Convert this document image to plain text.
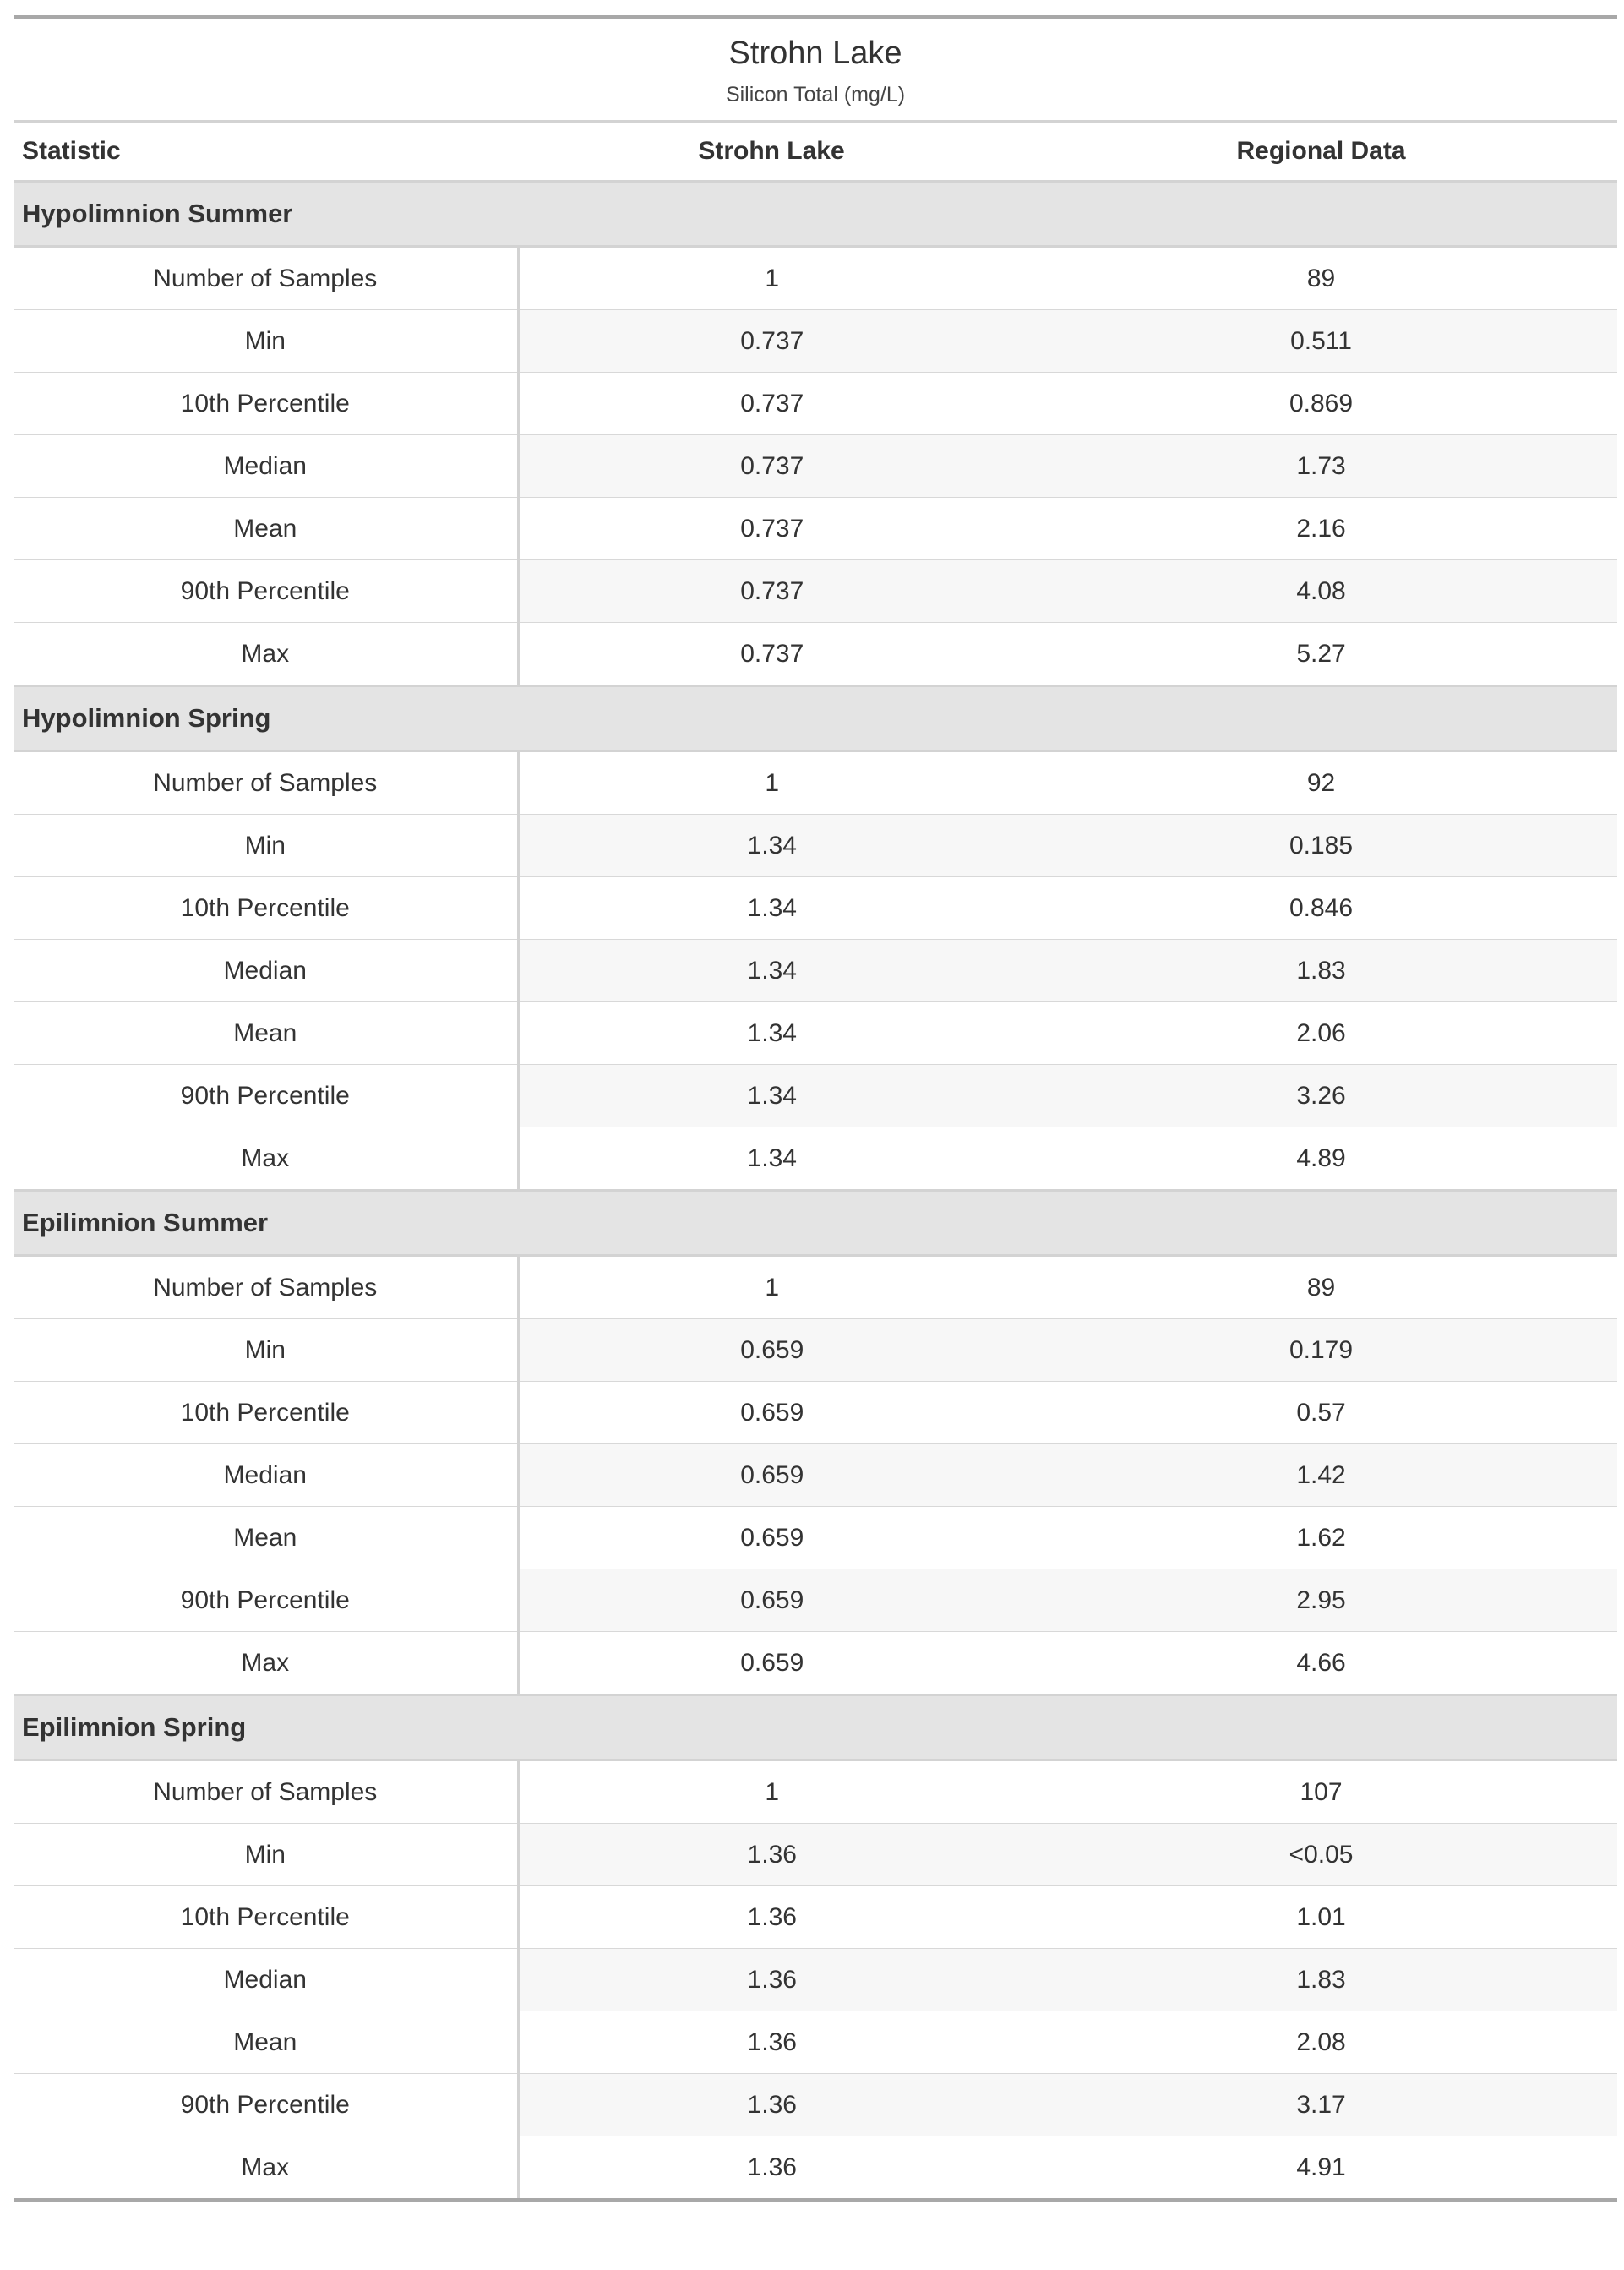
Strohn Lake
Silicon Total (mg/L)		

Statistic	Strohn Lake	Regional Data
Hypolimnion Summer		
Number of Samples	1	89
Min	0.737	0.511
10th Percentile	0.737	0.869
Median	0.737	1.73
Mean	0.737	2.16
90th Percentile	0.737	4.08
Max	0.737	5.27
Hypolimnion Spring		
Number of Samples	1	92
Min	1.34	0.185
10th Percentile	1.34	0.846
Median	1.34	1.83
Mean	1.34	2.06
90th Percentile	1.34	3.26
Max	1.34	4.89
Epilimnion Summer		
Number of Samples	1	89
Min	0.659	0.179
10th Percentile	0.659	0.57
Median	0.659	1.42
Mean	0.659	1.62
90th Percentile	0.659	2.95
Max	0.659	4.66
Epilimnion Spring		
Number of Samples	1	107
Min	1.36	<0.05
10th Percentile	1.36	1.01
Median	1.36	1.83
Mean	1.36	2.08
90th Percentile	1.36	3.17
Max	1.36	4.91
